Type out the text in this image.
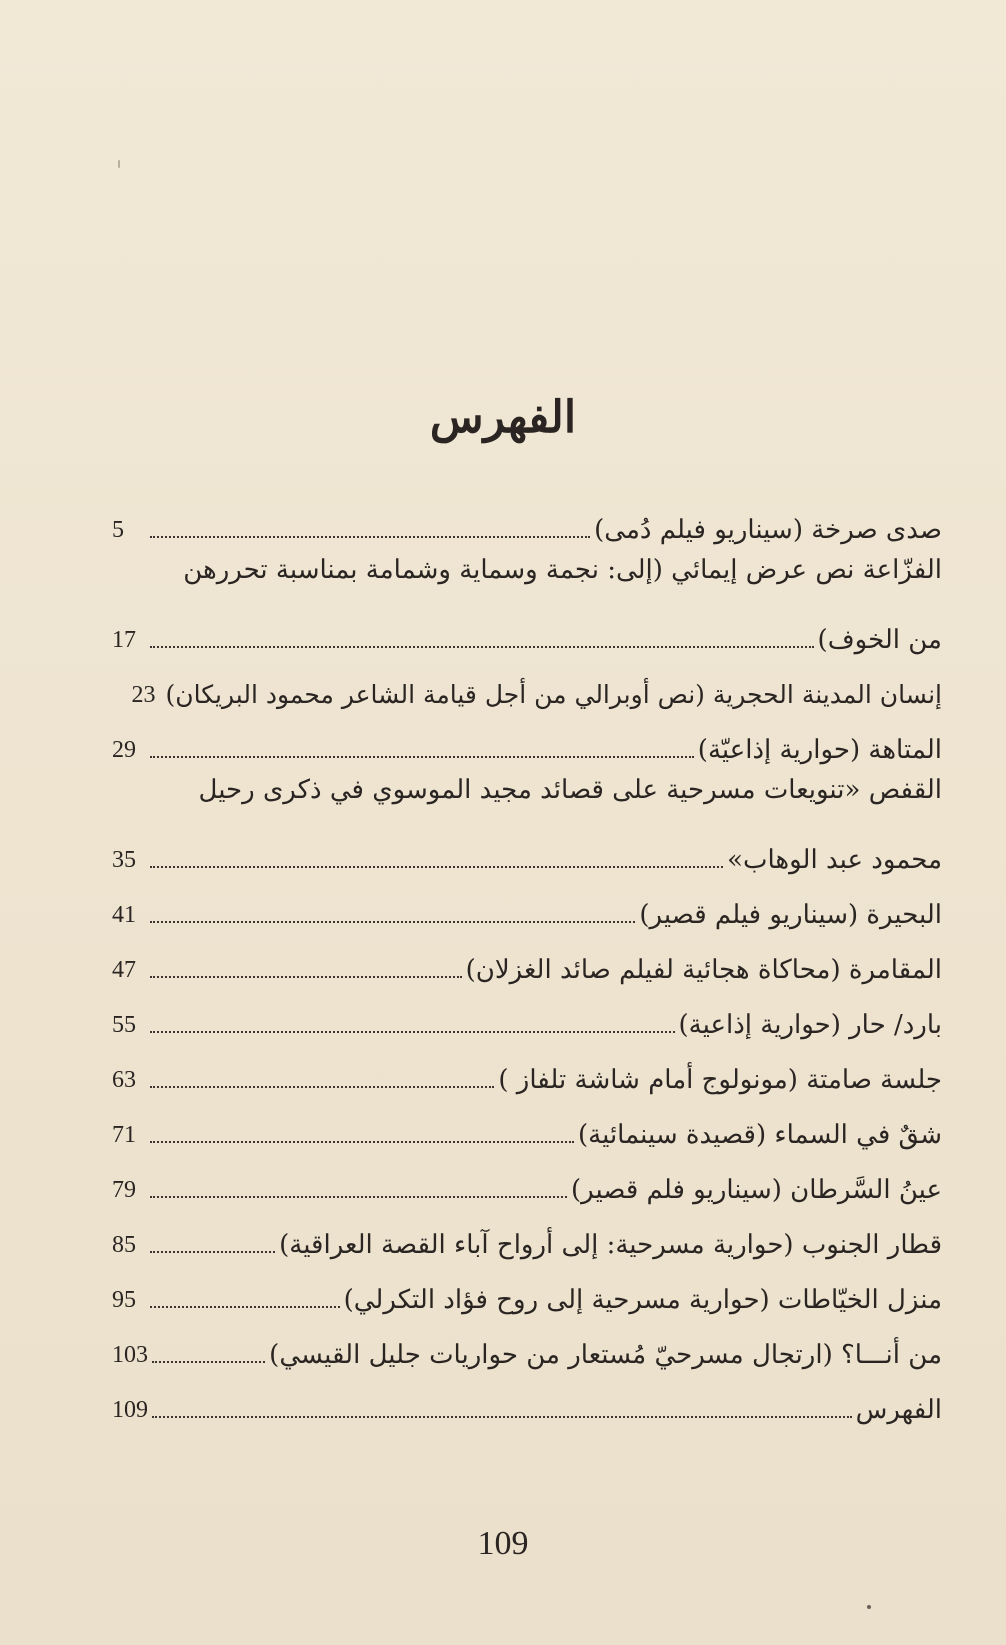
الفهرس
صدى صرخة (سيناريو فيلم دُمى)
5
الفزّاعة نص عرض إيمائي (إلى: نجمة وسماية وشمامة بمناسبة تحررهن
من الخوف)
17
إنسان المدينة الحجرية (نص أوبرالي من أجل قيامة الشاعر محمود البريكان)
23
المتاهة (حوارية إذاعيّة)
29
القفص «تنويعات مسرحية على قصائد مجيد الموسوي في ذكرى رحيل
محمود عبد الوهاب»
35
البحيرة (سيناريو فيلم قصير)
41
المقامرة (محاكاة هجائية لفيلم صائد الغزلان)
47
بارد/ حار (حوارية إذاعية)
55
جلسة صامتة (مونولوج أمام شاشة تلفاز )
63
شقٌ في السماء (قصيدة سينمائية)
71
عينُ السَّرطان (سيناريو فلم قصير)
79
قطار الجنوب (حوارية مسرحية: إلى أرواح آباء القصة العراقية)
85
منزل الخيّاطات (حوارية مسرحية إلى روح فؤاد التكرلي)
95
من أنـــا؟ (ارتجال مسرحيّ مُستعار من حواريات جليل القيسي)
103
الفهرس
109
109
